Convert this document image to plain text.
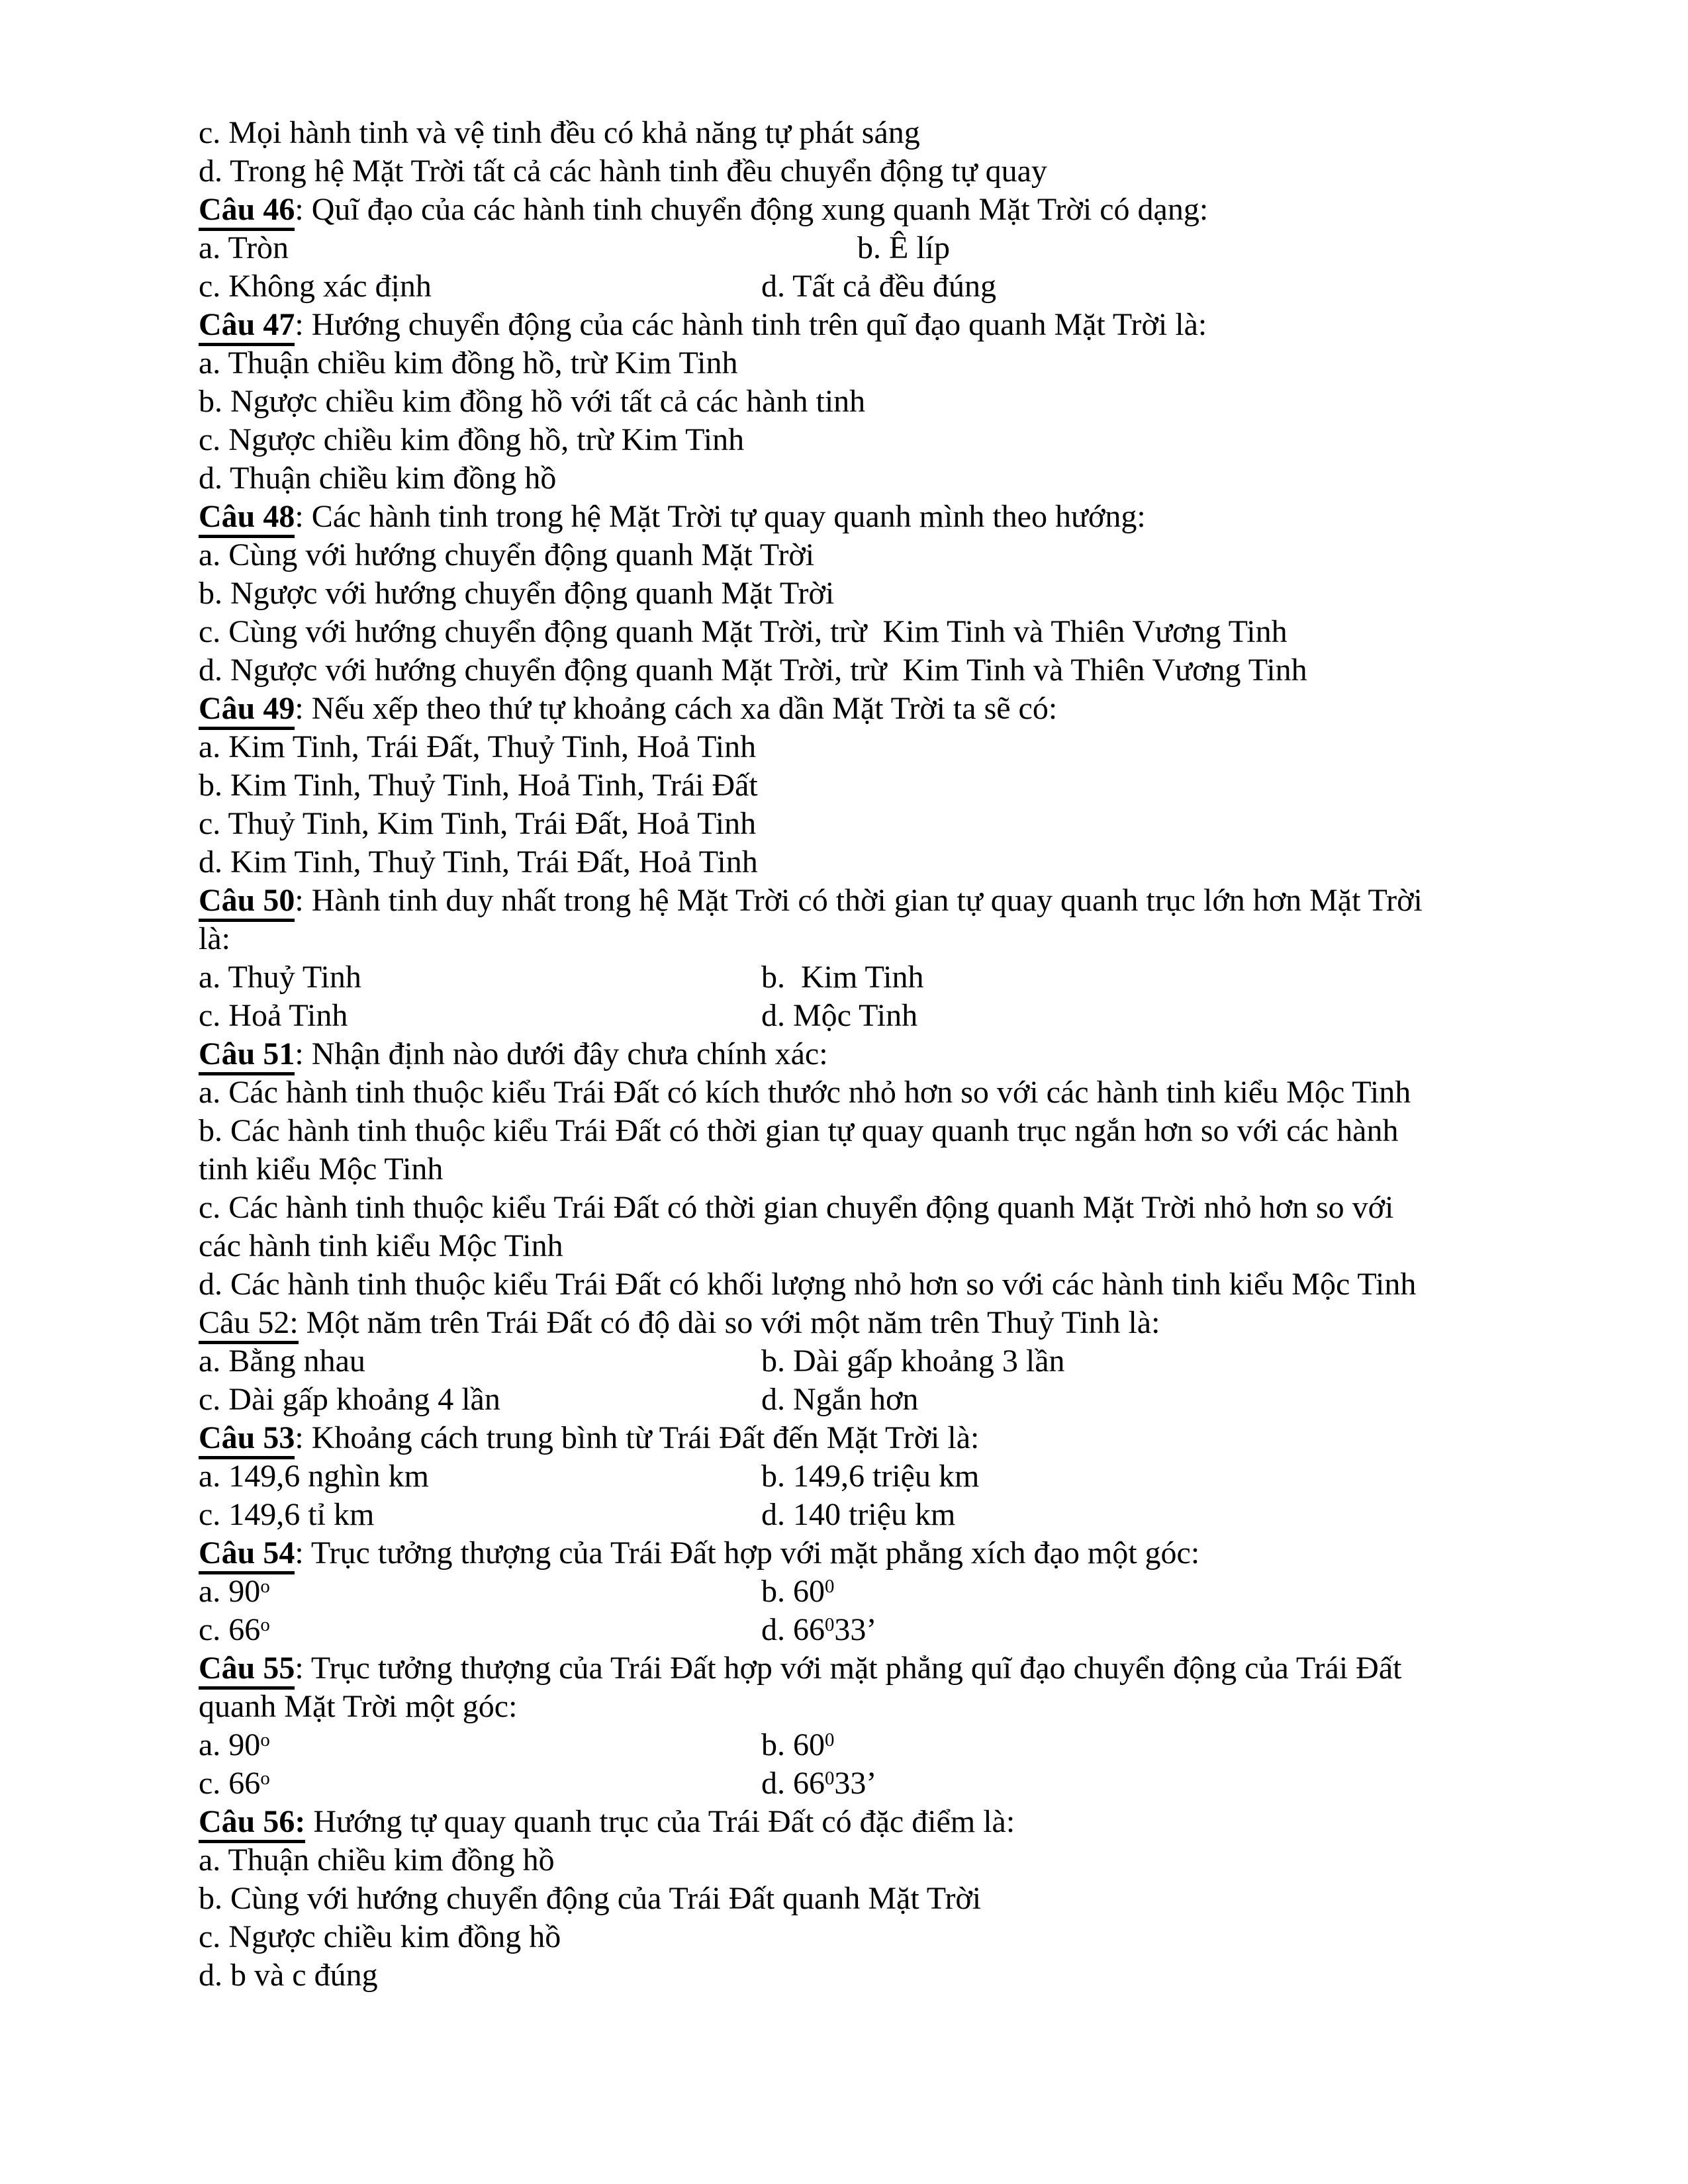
c. Mọi hành tinh và vệ tinh đều có khả năng tự phát sáng
d. Trong hệ Mặt Trời tất cả các hành tinh đều chuyển động tự quay
Câu 46: Quĩ đạo của các hành tinh chuyển động xung quanh Mặt Trời có dạng:
a. Tròn	b. Ê líp
c. Không xác định	d. Tất cả đều đúng
Câu 47: Hướng chuyển động của các hành tinh trên quĩ đạo quanh Mặt Trời là:
a. Thuận chiều kim đồng hồ, trừ Kim Tinh
b. Ngược chiều kim đồng hồ với tất cả các hành tinh
c. Ngược chiều kim đồng hồ, trừ Kim Tinh
d. Thuận chiều kim đồng hồ
Câu 48: Các hành tinh trong hệ Mặt Trời tự quay quanh mình theo hướng:
a. Cùng với hướng chuyển động quanh Mặt Trời
b. Ngược với hướng chuyển động quanh Mặt Trời
c. Cùng với hướng chuyển động quanh Mặt Trời, trừ  Kim Tinh và Thiên Vương Tinh
d. Ngược với hướng chuyển động quanh Mặt Trời, trừ  Kim Tinh và Thiên Vương Tinh
Câu 49: Nếu xếp theo thứ tự khoảng cách xa dần Mặt Trời ta sẽ có:
a. Kim Tinh, Trái Đất, Thuỷ Tinh, Hoả Tinh
b. Kim Tinh, Thuỷ Tinh, Hoả Tinh, Trái Đất
c. Thuỷ Tinh, Kim Tinh, Trái Đất, Hoả Tinh
d. Kim Tinh, Thuỷ Tinh, Trái Đất, Hoả Tinh
Câu 50: Hành tinh duy nhất trong hệ Mặt Trời có thời gian tự quay quanh trục lớn hơn Mặt Trời
là:
a. Thuỷ Tinh	b.  Kim Tinh
c. Hoả Tinh	d. Mộc Tinh
Câu 51: Nhận định nào dưới đây chưa chính xác:
a. Các hành tinh thuộc kiểu Trái Đất có kích thước nhỏ hơn so với các hành tinh kiểu Mộc Tinh
b. Các hành tinh thuộc kiểu Trái Đất có thời gian tự quay quanh trục ngắn hơn so với các hành
tinh kiểu Mộc Tinh
c. Các hành tinh thuộc kiểu Trái Đất có thời gian chuyển động quanh Mặt Trời nhỏ hơn so với
các hành tinh kiểu Mộc Tinh
d. Các hành tinh thuộc kiểu Trái Đất có khối lượng nhỏ hơn so với các hành tinh kiểu Mộc Tinh
Câu 52: Một năm trên Trái Đất có độ dài so với một năm trên Thuỷ Tinh là:
a. Bằng nhau	b. Dài gấp khoảng 3 lần
c. Dài gấp khoảng 4 lần	d. Ngắn hơn
Câu 53: Khoảng cách trung bình từ Trái Đất đến Mặt Trời là:
a. 149,6 nghìn km	b. 149,6 triệu km
c. 149,6 tỉ km	d. 140 triệu km
Câu 54: Trục tưởng thượng của Trái Đất hợp với mặt phẳng xích đạo một góc:
a. 90$^o$	b. $60^0$
c. 66$^o$	d. $66^033$’
Câu 55: Trục tưởng thượng của Trái Đất hợp với mặt phẳng quĩ đạo chuyển động của Trái Đất
quanh Mặt Trời một góc:
a. 90$^o$	b. $60^0$
c. 66$^o$	d. $66^033$’
Câu 56: Hướng tự quay quanh trục của Trái Đất có đặc điểm là:
a. Thuận chiều kim đồng hồ
b. Cùng với hướng chuyển động của Trái Đất quanh Mặt Trời
c. Ngược chiều kim đồng hồ
d. b và c đúng
